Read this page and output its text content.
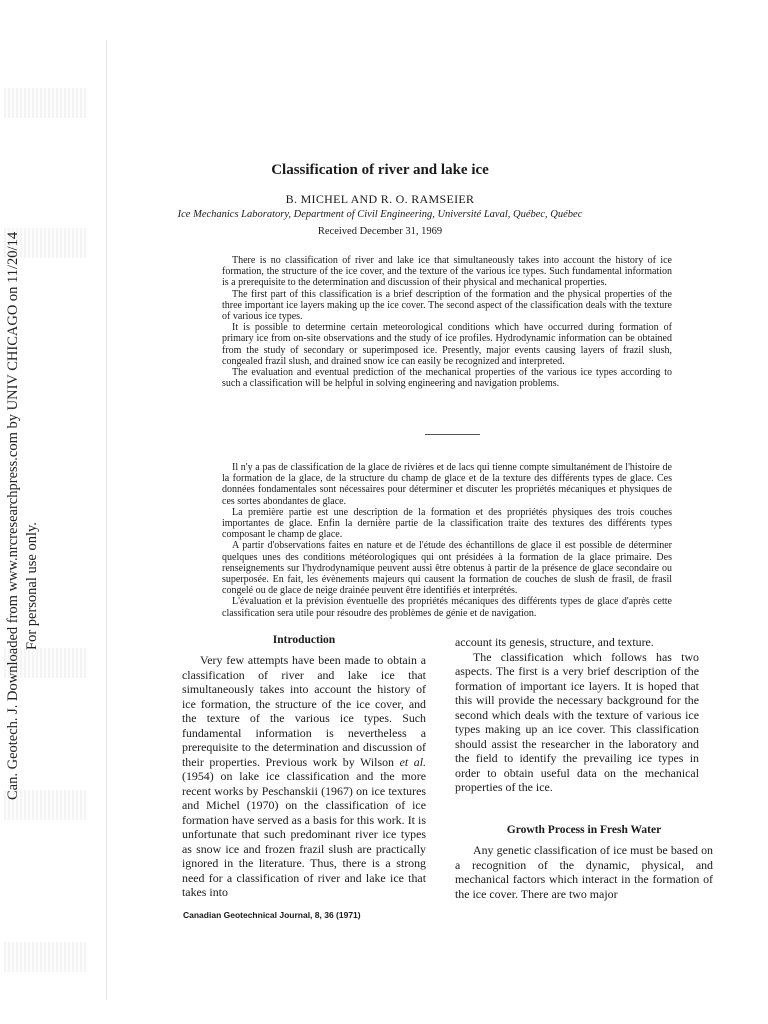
Can. Geotech. J. Downloaded from www.nrcresearchpress.com by UNIV CHICAGO on 11/20/14 For personal use only.
Classification of river and lake ice
B. MICHEL AND R. O. RAMSEIER
Ice Mechanics Laboratory, Department of Civil Engineering, Université Laval, Québec, Québec
Received December 31, 1969

There is no classification of river and lake ice that simultaneously takes into account the history of ice formation, the structure of the ice cover, and the texture of the various ice types. Such fundamental information is a prerequisite to the determination and discussion of their physical and mechanical properties.

The first part of this classification is a brief description of the formation and the physical properties of the three important ice layers making up the ice cover. The second aspect of the classification deals with the texture of various ice types.

It is possible to determine certain meteorological conditions which have occurred during formation of primary ice from on-site observations and the study of ice profiles. Hydrodynamic information can be obtained from the study of secondary or superimposed ice. Presently, major events causing layers of frazil slush, congealed frazil slush, and drained snow ice can easily be recognized and interpreted.

The evaluation and eventual prediction of the mechanical properties of the various ice types according to such a classification will be helpful in solving engineering and navigation problems.

Il n'y a pas de classification de la glace de rivières et de lacs qui tienne compte simultanément de l'histoire de la formation de la glace, de la structure du champ de glace et de la texture des différents types de glace. Ces données fondamentales sont nécessaires pour déterminer et discuter les propriétés mécaniques et physiques de ces sortes abondantes de glace.

La première partie est une description de la formation et des propriétés physiques des trois couches importantes de glace. Enfin la dernière partie de la classification traite des textures des différents types composant le champ de glace.

A partir d'observations faites en nature et de l'étude des échantillons de glace il est possible de déterminer quelques unes des conditions météorologiques qui ont présidées à la formation de la glace primaire. Des renseignements sur l'hydrodynamique peuvent aussi être obtenus à partir de la présence de glace secondaire ou superposée. En fait, les évènements majeurs qui causent la formation de couches de slush de frasil, de frasil congelé ou de glace de neige drainée peuvent être identifiés et interprétés.

L'évaluation et la prévision éventuelle des propriétés mécaniques des différents types de glace d'après cette classification sera utile pour résoudre des problèmes de génie et de navigation.

Introduction

Very few attempts have been made to obtain a classification of river and lake ice that simultaneously takes into account the history of ice formation, the structure of the ice cover, and the texture of the various ice types. Such fundamental information is nevertheless a prerequisite to the determination and discussion of their properties. Previous work by Wilson et al. (1954) on lake ice classification and the more recent works by Peschanskii (1967) on ice textures and Michel (1970) on the classification of ice formation have served as a basis for this work. It is unfortunate that such predominant river ice types as snow ice and frozen frazil slush are practically ignored in the literature. Thus, there is a strong need for a classification of river and lake ice that takes into

account its genesis, structure, and texture.

The classification which follows has two aspects. The first is a very brief description of the formation of important ice layers. It is hoped that this will provide the necessary background for the second which deals with the texture of various ice types making up an ice cover. This classification should assist the researcher in the laboratory and the field to identify the prevailing ice types in order to obtain useful data on the mechanical properties of the ice.

Growth Process in Fresh Water

Any genetic classification of ice must be based on a recognition of the dynamic, physical, and mechanical factors which interact in the formation of the ice cover. There are two major

Canadian Geotechnical Journal, 8, 36 (1971)
